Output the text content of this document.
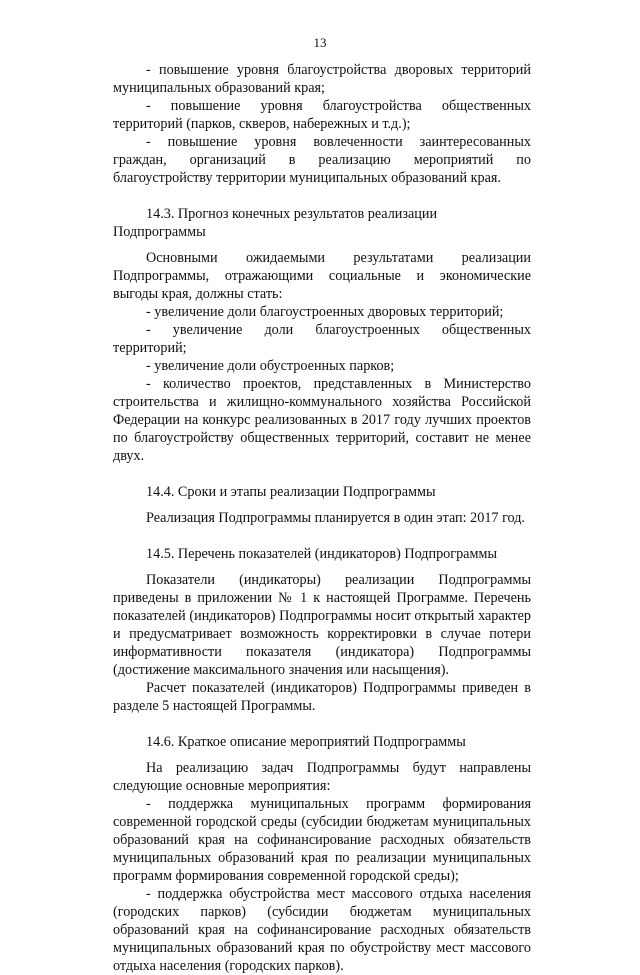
13

- повышение уровня благоустройства дворовых территорий муниципальных образований края;

- повышение уровня благоустройства общественных территорий (парков, скверов, набережных и т.д.);

- повышение уровня вовлеченности заинтересованных граждан, организаций в реализацию мероприятий по благоустройству территории муниципальных образований края.

14.3. Прогноз конечных результатов реализации Подпрограммы

Основными ожидаемыми результатами реализации Подпрограммы, отражающими социальные и экономические выгоды края, должны стать:

- увеличение доли благоустроенных дворовых территорий;

- увеличение доли благоустроенных общественных территорий;

- увеличение доли обустроенных парков;

- количество проектов, представленных в Министерство строительства и жилищно-коммунального хозяйства Российской Федерации на конкурс реализованных в 2017 году лучших проектов по благоустройству общественных территорий, составит не менее двух.

14.4. Сроки и этапы реализации Подпрограммы

Реализация Подпрограммы планируется в один этап: 2017 год.

14.5. Перечень показателей (индикаторов) Подпрограммы

Показатели (индикаторы) реализации Подпрограммы приведены в приложении № 1 к настоящей Программе. Перечень показателей (индикаторов) Подпрограммы носит открытый характер и предусматривает возможность корректировки в случае потери информативности показателя (индикатора) Подпрограммы (достижение максимального значения или насыщения).

Расчет показателей (индикаторов) Подпрограммы приведен в разделе 5 настоящей Программы.

14.6. Краткое описание мероприятий Подпрограммы

На реализацию задач Подпрограммы будут направлены следующие основные мероприятия:

- поддержка муниципальных программ формирования современной городской среды (субсидии бюджетам муниципальных образований края на софинансирование расходных обязательств муниципальных образований края по реализации муниципальных программ формирования современной городской среды);

- поддержка обустройства мест массового отдыха населения (городских парков) (субсидии бюджетам муниципальных образований края на софинансирование расходных обязательств муниципальных образований края по обустройству мест массового отдыха населения (городских парков).
